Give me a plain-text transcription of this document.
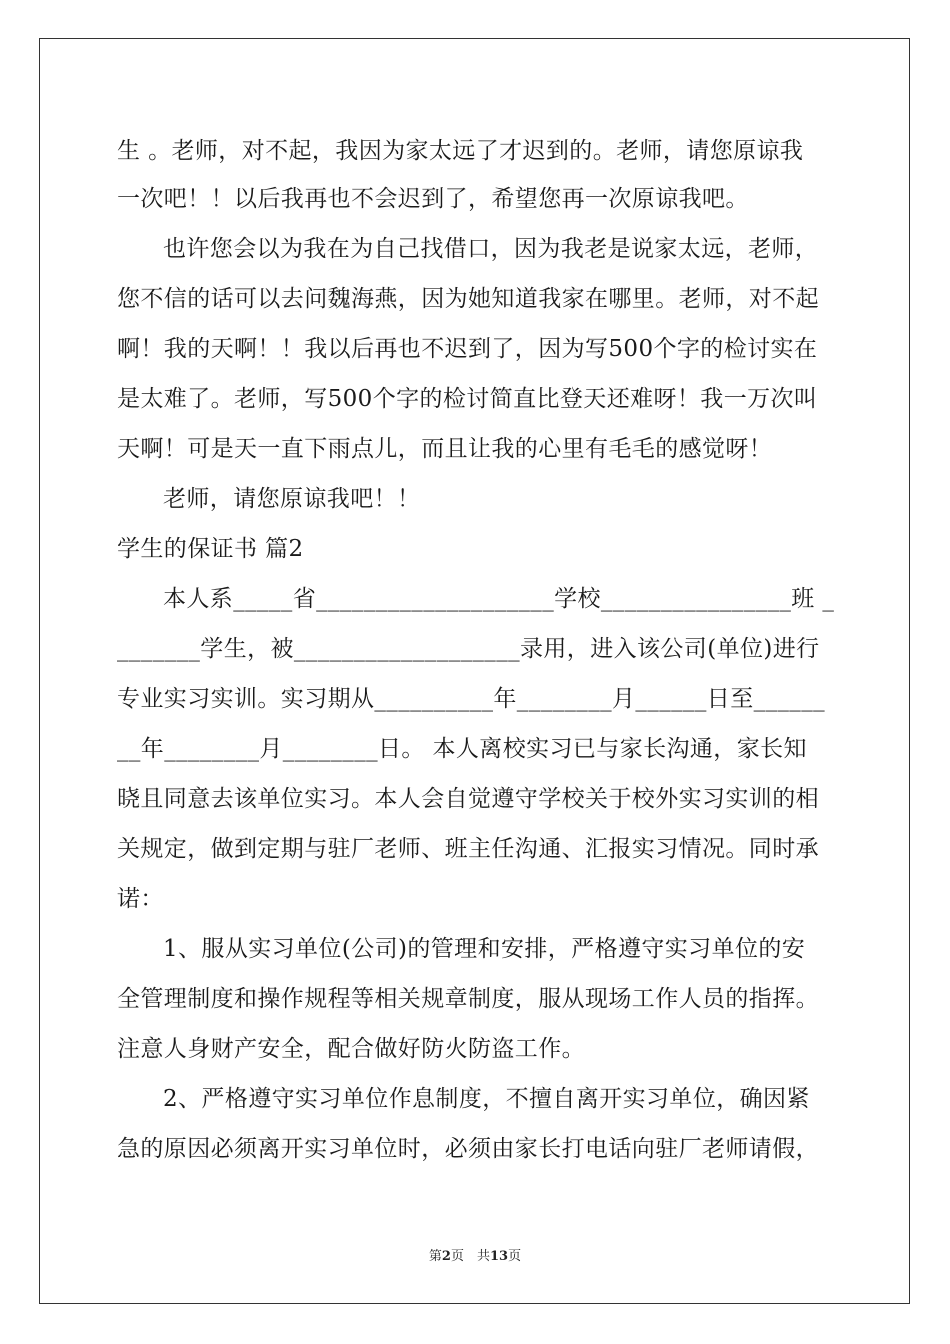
生 。老师，对不起，我因为家太远了才迟到的。老师，请您原谅我
一次吧！！以后我再也不会迟到了，希望您再一次原谅我吧。
也许您会以为我在为自己找借口，因为我老是说家太远，老师，
您不信的话可以去问魏海燕，因为她知道我家在哪里。老师，对不起
啊！我的天啊！！我以后再也不迟到了，因为写500个字的检讨实在
是太难了。老师，写500个字的检讨简直比登天还难呀！我一万次叫
天啊！可是天一直下雨点儿，而且让我的心里有毛毛的感觉呀！
老师，请您原谅我吧！！
学生的保证书 篇2
本人系_____省____________________学校________________班 _
_______学生，被___________________录用，进入该公司(单位)进行
专业实习实训。实习期从__________年________月______日至______
__年________月________日。 本人离校实习已与家长沟通，家长知
晓且同意去该单位实习。本人会自觉遵守学校关于校外实习实训的相
关规定，做到定期与驻厂老师、班主任沟通、汇报实习情况。同时承
诺：
1、服从实习单位(公司)的管理和安排，严格遵守实习单位的安
全管理制度和操作规程等相关规章制度，服从现场工作人员的指挥。
注意人身财产安全，配合做好防火防盗工作。
2、严格遵守实习单位作息制度，不擅自离开实习单位，确因紧
急的原因必须离开实习单位时，必须由家长打电话向驻厂老师请假，
第2页　共13页
